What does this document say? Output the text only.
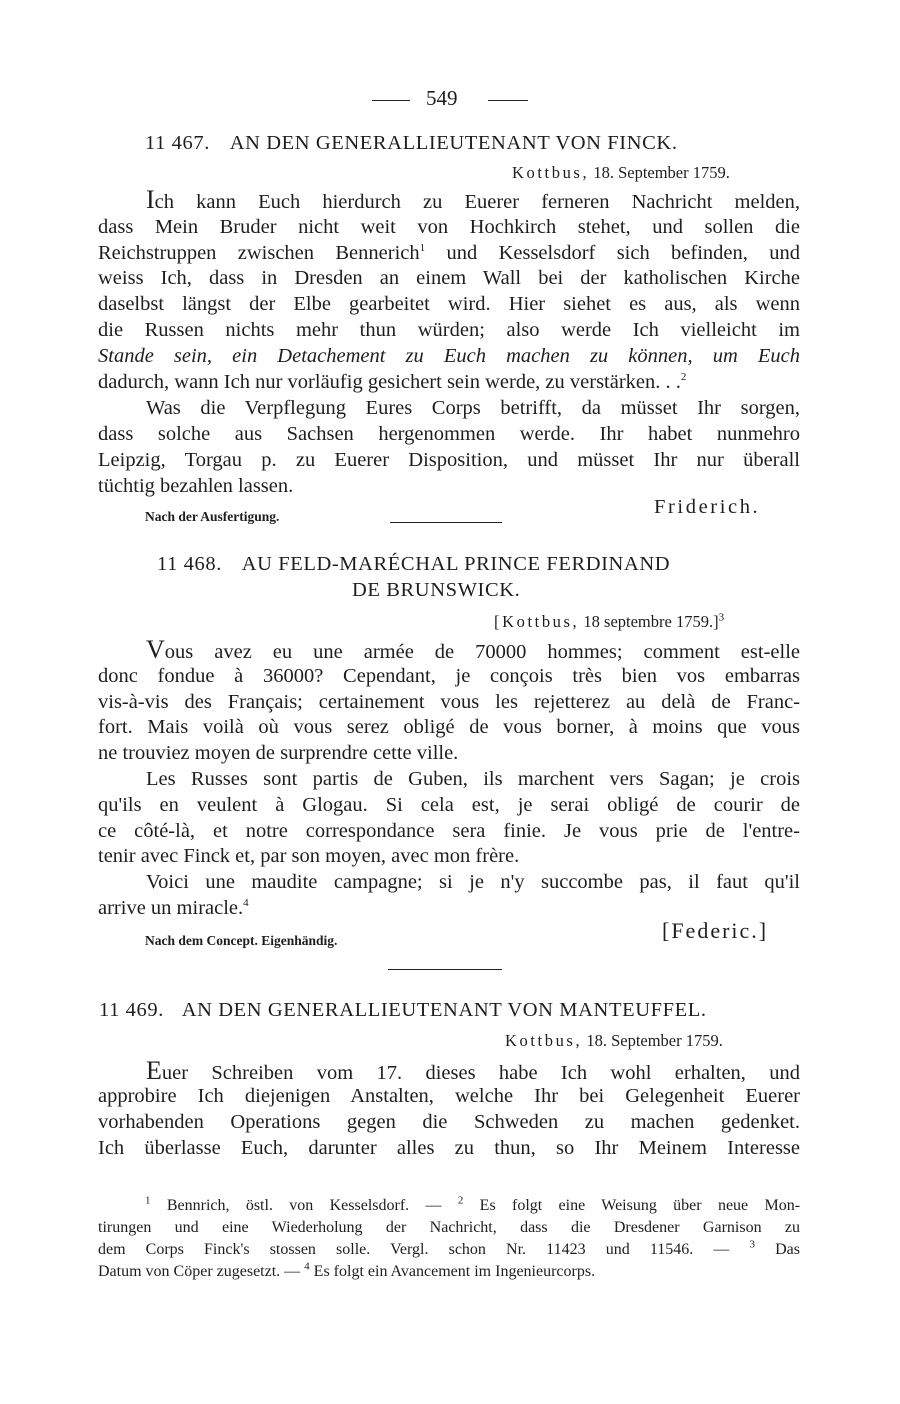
549
11 467. AN DEN GENERALLIEUTENANT VON FINCK.
Kottbus, 18. September 1759.
Ich kann Euch hierdurch zu Euerer ferneren Nachricht melden,
dass Mein Bruder nicht weit von Hochkirch stehet, und sollen die
Reichstruppen zwischen Bennerich$^1$ und Kesselsdorf sich befinden, und
weiss Ich, dass in Dresden an einem Wall bei der katholischen Kirche
daselbst längst der Elbe gearbeitet wird. Hier siehet es aus, als wenn
die Russen nichts mehr thun würden; also werde Ich vielleicht im
Stande sein, ein Detachement zu Euch machen zu können, um Euch
dadurch, wann Ich nur vorläufig gesichert sein werde, zu verstärken. . .$^2$
Was die Verpflegung Eures Corps betrifft, da müsset Ihr sorgen,
dass solche aus Sachsen hergenommen werde. Ihr habet nunmehro
Leipzig, Torgau p. zu Euerer Disposition, und müsset Ihr nur überall
tüchtig bezahlen lassen.
Nach der Ausfertigung.	Friderich.
11 468. AU FELD-MARÉCHAL PRINCE FERDINAND
DE BRUNSWICK.
[Kottbus, 18 septembre 1759.]$^3$
Vous avez eu une armée de 70000 hommes; comment est-elle
donc fondue à 36000? Cependant, je conçois très bien vos embarras
vis-à-vis des Français; certainement vous les rejetterez au delà de Franc-
fort. Mais voilà où vous serez obligé de vous borner, à moins que vous
ne trouviez moyen de surprendre cette ville.
Les Russes sont partis de Guben, ils marchent vers Sagan; je crois
qu'ils en veulent à Glogau. Si cela est, je serai obligé de courir de
ce côté-là, et notre correspondance sera finie. Je vous prie de l'entre-
tenir avec Finck et, par son moyen, avec mon frère.
Voici une maudite campagne; si je n'y succombe pas, il faut qu'il
arrive un miracle.$^4$
Nach dem Concept. Eigenhändig.	[Federic.]
11 469. AN DEN GENERALLIEUTENANT VON MANTEUFFEL.
Kottbus, 18. September 1759.
Euer Schreiben vom 17. dieses habe Ich wohl erhalten, und
approbire Ich diejenigen Anstalten, welche Ihr bei Gelegenheit Euerer
vorhabenden Operations gegen die Schweden zu machen gedenket.
Ich überlasse Euch, darunter alles zu thun, so Ihr Meinem Interesse
$^1$ Bennrich, östl. von Kesselsdorf. — $^2$ Es folgt eine Weisung über neue Mon-
tirungen und eine Wiederholung der Nachricht, dass die Dresdener Garnison zu
dem Corps Finck's stossen solle. Vergl. schon Nr. 11423 und 11546. — $^3$ Das
Datum von Cöper zugesetzt. — $^4$ Es folgt ein Avancement im Ingenieurcorps.
